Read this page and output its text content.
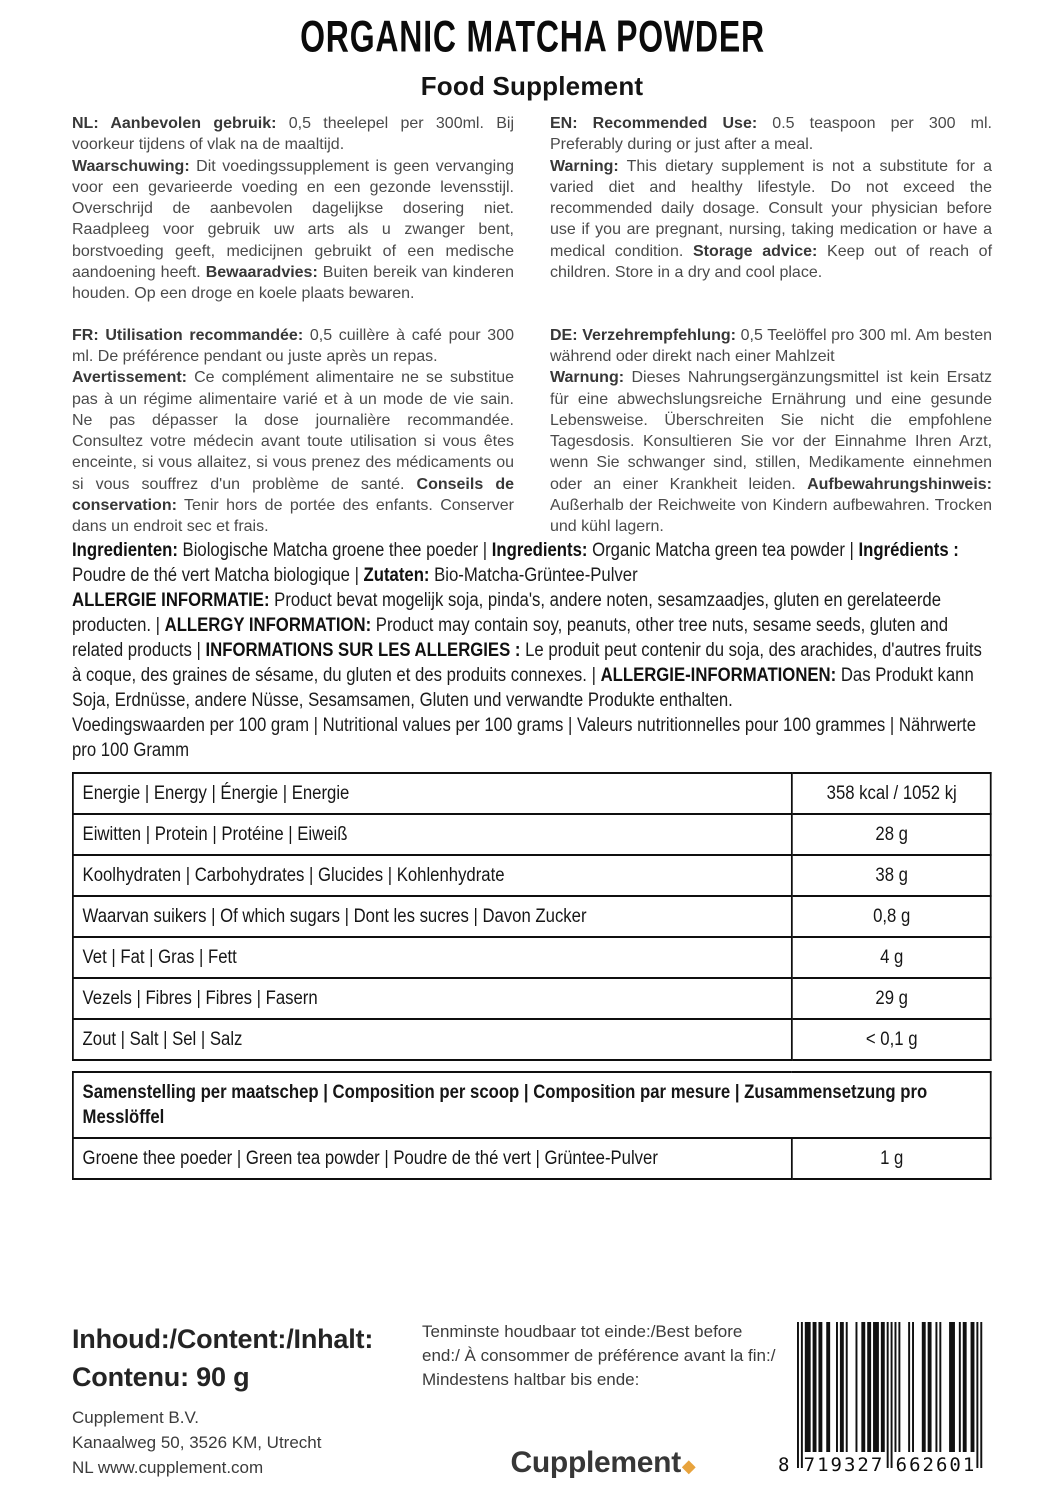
ORGANIC MATCHA POWDER
Food Supplement

NL: Aanbevolen gebruik: 0,5 theelepel per 300ml. Bij voorkeur tijdens of vlak na de maaltijd.

Waarschuwing: Dit voedingssupplement is geen vervanging voor een gevarieerde voeding en een gezonde levensstijl. Overschrijd de aanbevolen dagelijkse dosering niet. Raadpleeg voor gebruik uw arts als u zwanger bent, borstvoeding geeft, medicijnen gebruikt of een medische aandoening heeft. Bewaaradvies: Buiten bereik van kinderen houden. Op een droge en koele plaats bewaren.

EN: Recommended Use: 0.5 teaspoon per 300 ml. Preferably during or just after a meal.

Warning: This dietary supplement is not a substitute for a varied diet and healthy lifestyle. Do not exceed the recommended daily dosage. Consult your physician before use if you are pregnant, nursing, taking medication or have a medical condition. Storage advice: Keep out of reach of children. Store in a dry and cool place.

FR: Utilisation recommandée: 0,5 cuillère à café pour 300 ml. De préférence pendant ou juste après un repas.

Avertissement: Ce complément alimentaire ne se substitue pas à un régime alimentaire varié et à un mode de vie sain. Ne pas dépasser la dose journalière recommandée. Consultez votre médecin avant toute utilisation si vous êtes enceinte, si vous allaitez, si vous prenez des médicaments ou si vous souffrez d'un problème de santé. Conseils de conservation: Tenir hors de portée des enfants. Conserver dans un endroit sec et frais.

DE: Verzehrempfehlung: 0,5 Teelöffel pro 300 ml. Am besten während oder direkt nach einer Mahlzeit

Warnung: Dieses Nahrungsergänzungsmittel ist kein Ersatz für eine abwechslungsreiche Ernährung und eine gesunde Lebensweise. Überschreiten Sie nicht die empfohlene Tagesdosis. Konsultieren Sie vor der Einnahme Ihren Arzt, wenn Sie schwanger sind, stillen, Medikamente einnehmen oder an einer Krankheit leiden. Aufbewahrungshinweis: Außerhalb der Reichweite von Kindern aufbewahren. Trocken und kühl lagern.

Ingredienten: Biologische Matcha groene thee poeder | Ingredients: Organic Matcha green tea powder | Ingrédients : Poudre de thé vert Matcha biologique | Zutaten: Bio-Matcha-Grüntee-Pulver

ALLERGIE INFORMATIE: Product bevat mogelijk soja, pinda's, andere noten, sesamzaadjes, gluten en gerelateerde producten. | ALLERGY INFORMATION: Product may contain soy, peanuts, other tree nuts, sesame seeds, gluten and related products | INFORMATIONS SUR LES ALLERGIES : Le produit peut contenir du soja, des arachides, d'autres fruits à coque, des graines de sésame, du gluten et des produits connexes. | ALLERGIE-INFORMATIONEN: Das Produkt kann Soja, Erdnüsse, andere Nüsse, Sesamsamen, Gluten und verwandte Produkte enthalten.

Voedingswaarden per 100 gram | Nutritional values per 100 grams | Valeurs nutritionnelles pour 100 grammes | Nährwerte pro 100 Gramm

Energie | Energy | Énergie | Energie	358 kcal / 1052 kj
Eiwitten | Protein | Protéine | Eiweiß	28 g
Koolhydraten | Carbohydrates | Glucides | Kohlenhydrate	38 g
Waarvan suikers | Of which sugars | Dont les sucres | Davon Zucker	0,8 g
Vet | Fat | Gras | Fett	4 g
Vezels | Fibres | Fibres | Fasern	29 g
Zout | Salt | Sel | Salz	< 0,1 g
Samenstelling per maatschep | Composition per scoop | Composition par mesure | Zusammensetzung pro Messlöffel
Groene thee poeder | Green tea powder | Poudre de thé vert | Grüntee-Pulver	1 g
Inhoud:/Content:/Inhalt:
Contenu: 90 g
Cupplement B.V.
Kanaalweg 50, 3526 KM, Utrecht
NL www.cupplement.com
Tenminste houdbaar tot einde:/Best before end:/ À consommer de préférence avant la fin:/ Mindestens haltbar bis ende:
Cupplement◆	8 719327 662601
